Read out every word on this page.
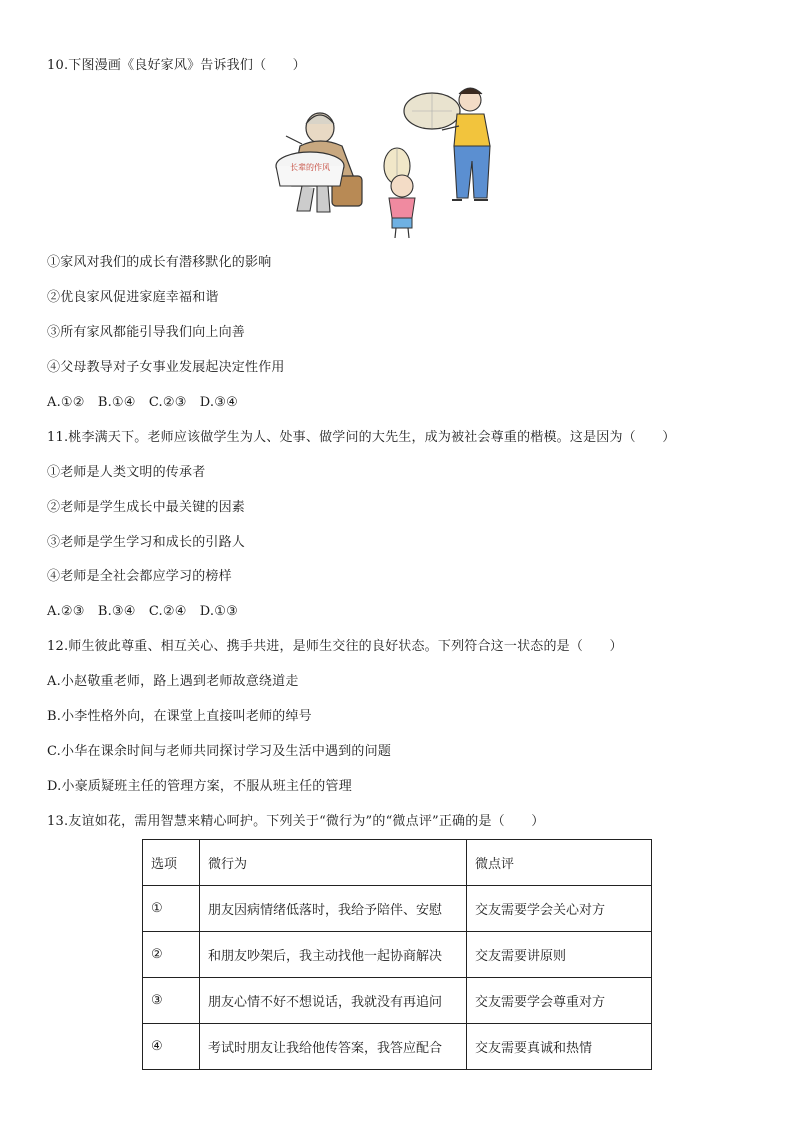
10.下图漫画《良好家风》告诉我们（　　）
长辈的作风
①家风对我们的成长有潜移默化的影响
②优良家风促进家庭幸福和谐
③所有家风都能引导我们向上向善
④父母教导对子女事业发展起决定性作用
A.①②　B.①④　C.②③　D.③④
11.桃李满天下。老师应该做学生为人、处事、做学问的大先生，成为被社会尊重的楷模。这是因为（　　）
①老师是人类文明的传承者
②老师是学生成长中最关键的因素
③老师是学生学习和成长的引路人
④老师是全社会都应学习的榜样
A.②③　B.③④　C.②④　D.①③
12.师生彼此尊重、相互关心、携手共进，是师生交往的良好状态。下列符合这一状态的是（　　）
A.小赵敬重老师，路上遇到老师故意绕道走
B.小李性格外向，在课堂上直接叫老师的绰号
C.小华在课余时间与老师共同探讨学习及生活中遇到的问题
D.小豪质疑班主任的管理方案，不服从班主任的管理
13.友谊如花，需用智慧来精心呵护。下列关于“微行为”的“微点评”正确的是（　　）
选项	微行为	微点评
①	朋友因病情绪低落时，我给予陪伴、安慰	交友需要学会关心对方
②	和朋友吵架后，我主动找他一起协商解决	交友需要讲原则
③	朋友心情不好不想说话，我就没有再追问	交友需要学会尊重对方
④	考试时朋友让我给他传答案，我答应配合	交友需要真诚和热情
